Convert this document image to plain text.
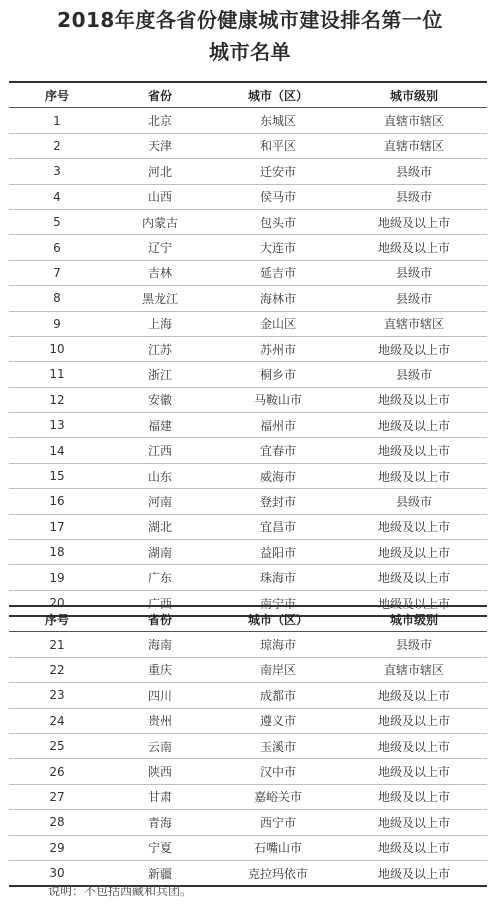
2018年度各省份健康城市建设排名第一位
城市名单
序号	省份	城市（区）	城市级别
1	北京	东城区	直辖市辖区
2	天津	和平区	直辖市辖区
3	河北	迁安市	县级市
4	山西	侯马市	县级市
5	内蒙古	包头市	地级及以上市
6	辽宁	大连市	地级及以上市
7	吉林	延吉市	县级市
8	黑龙江	海林市	县级市
9	上海	金山区	直辖市辖区
10	江苏	苏州市	地级及以上市
11	浙江	桐乡市	县级市
12	安徽	马鞍山市	地级及以上市
13	福建	福州市	地级及以上市
14	江西	宜春市	地级及以上市
15	山东	威海市	地级及以上市
16	河南	登封市	县级市
17	湖北	宜昌市	地级及以上市
18	湖南	益阳市	地级及以上市
19	广东	珠海市	地级及以上市
20	广西	南宁市	地级及以上市
序号	省份	城市（区）	城市级别
21	海南	琼海市	县级市
22	重庆	南岸区	直辖市辖区
23	四川	成都市	地级及以上市
24	贵州	遵义市	地级及以上市
25	云南	玉溪市	地级及以上市
26	陕西	汉中市	地级及以上市
27	甘肃	嘉峪关市	地级及以上市
28	青海	西宁市	地级及以上市
29	宁夏	石嘴山市	地级及以上市
30	新疆	克拉玛依市	地级及以上市
说明：不包括西藏和兵团。
